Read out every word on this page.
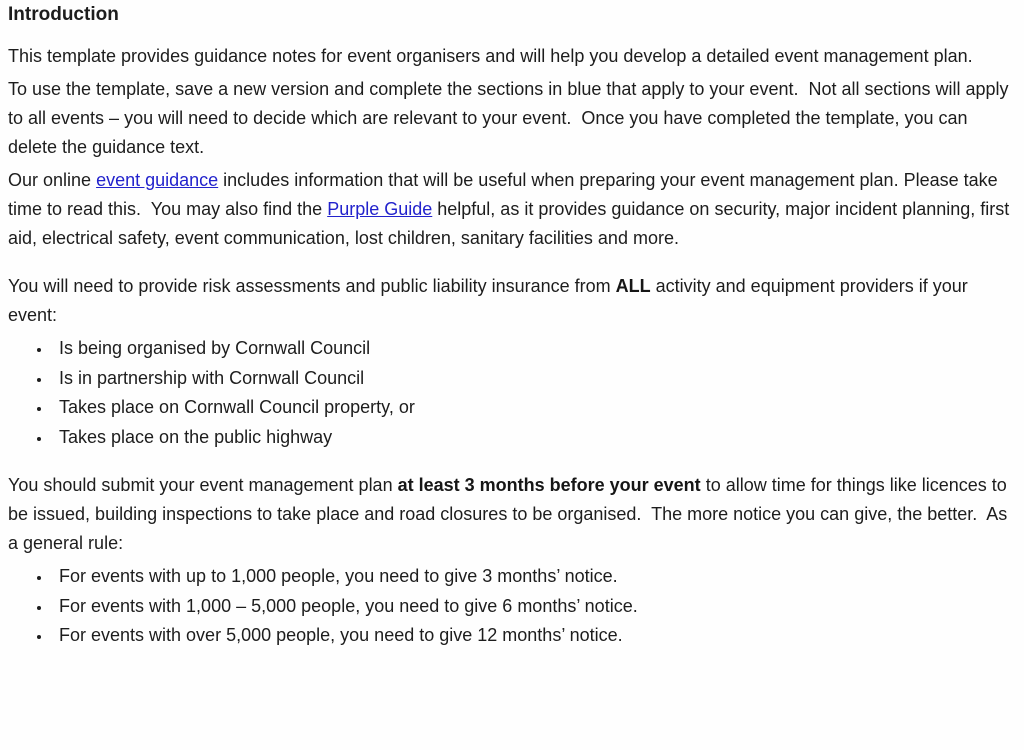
Introduction

This template provides guidance notes for event organisers and will help you develop a detailed event management plan.

To use the template, save a new version and complete the sections in blue that apply to your event.  Not all sections will apply to all events – you will need to decide which are relevant to your event.  Once you have completed the template, you can delete the guidance text.

Our online event guidance includes information that will be useful when preparing your event management plan. Please take time to read this.  You may also find the Purple Guide helpful, as it provides guidance on security, major incident planning, first aid, electrical safety, event communication, lost children, sanitary facilities and more.

You will need to provide risk assessments and public liability insurance from ALL activity and equipment providers if your event:

• Is being organised by Cornwall Council
• Is in partnership with Cornwall Council
• Takes place on Cornwall Council property, or
• Takes place on the public highway

You should submit your event management plan at least 3 months before your event to allow time for things like licences to be issued, building inspections to take place and road closures to be organised.  The more notice you can give, the better.  As a general rule:

• For events with up to 1,000 people, you need to give 3 months’ notice.
• For events with 1,000 – 5,000 people, you need to give 6 months’ notice.
• For events with over 5,000 people, you need to give 12 months’ notice.
